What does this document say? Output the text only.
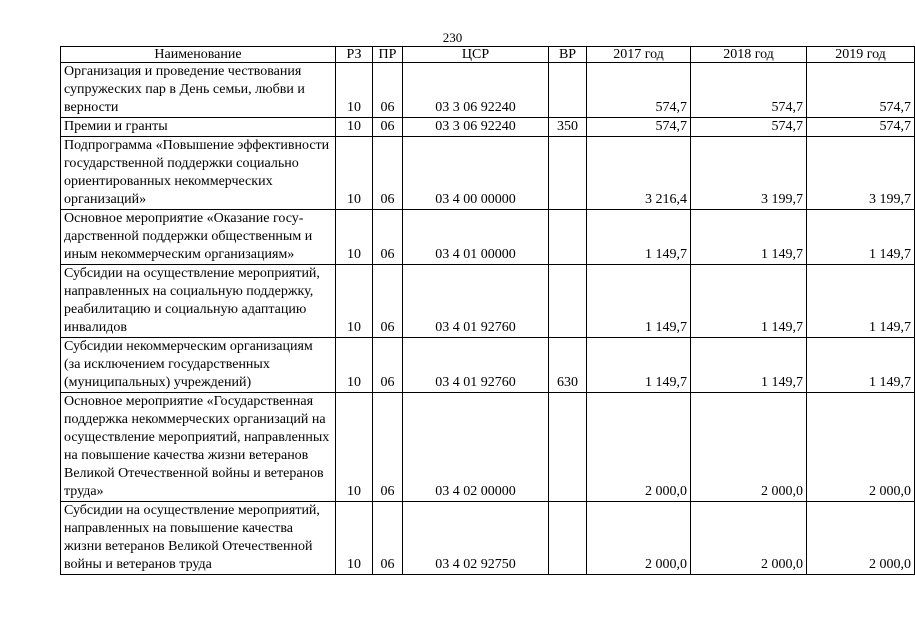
230
Наименование	РЗ	ПР	ЦСР	ВР	2017 год	2018 год	2019 год
Организация и проведение чествования супружеских пар в День семьи, любви и верности	10	06	03 3 06 92240		574,7	574,7	574,7
Премии и гранты	10	06	03 3 06 92240	350	574,7	574,7	574,7
Подпрограмма «Повышение эффективности государственной поддержки социально ориентированных некоммерческих организаций»	10	06	03 4 00 00000		3 216,4	3 199,7	3 199,7
Основное мероприятие «Оказание государственной поддержки общественным и иным некоммерческим организациям»	10	06	03 4 01 00000		1 149,7	1 149,7	1 149,7
Субсидии на осуществление мероприятий, направленных на социальную поддержку, реабилитацию и социальную адаптацию инвалидов	10	06	03 4 01 92760		1 149,7	1 149,7	1 149,7
Субсидии некоммерческим организациям (за исключением государственных (муниципальных) учреждений)	10	06	03 4 01 92760	630	1 149,7	1 149,7	1 149,7
Основное мероприятие «Государственная поддержка некоммерческих организаций на осуществление мероприятий, направленных на повышение качества жизни ветеранов Великой Отечественной войны и ветеранов труда»	10	06	03 4 02 00000		2 000,0	2 000,0	2 000,0
Субсидии на осуществление мероприятий, направленных на повышение качества жизни ветеранов Великой Отечественной войны и ветеранов труда	10	06	03 4 02 92750		2 000,0	2 000,0	2 000,0
